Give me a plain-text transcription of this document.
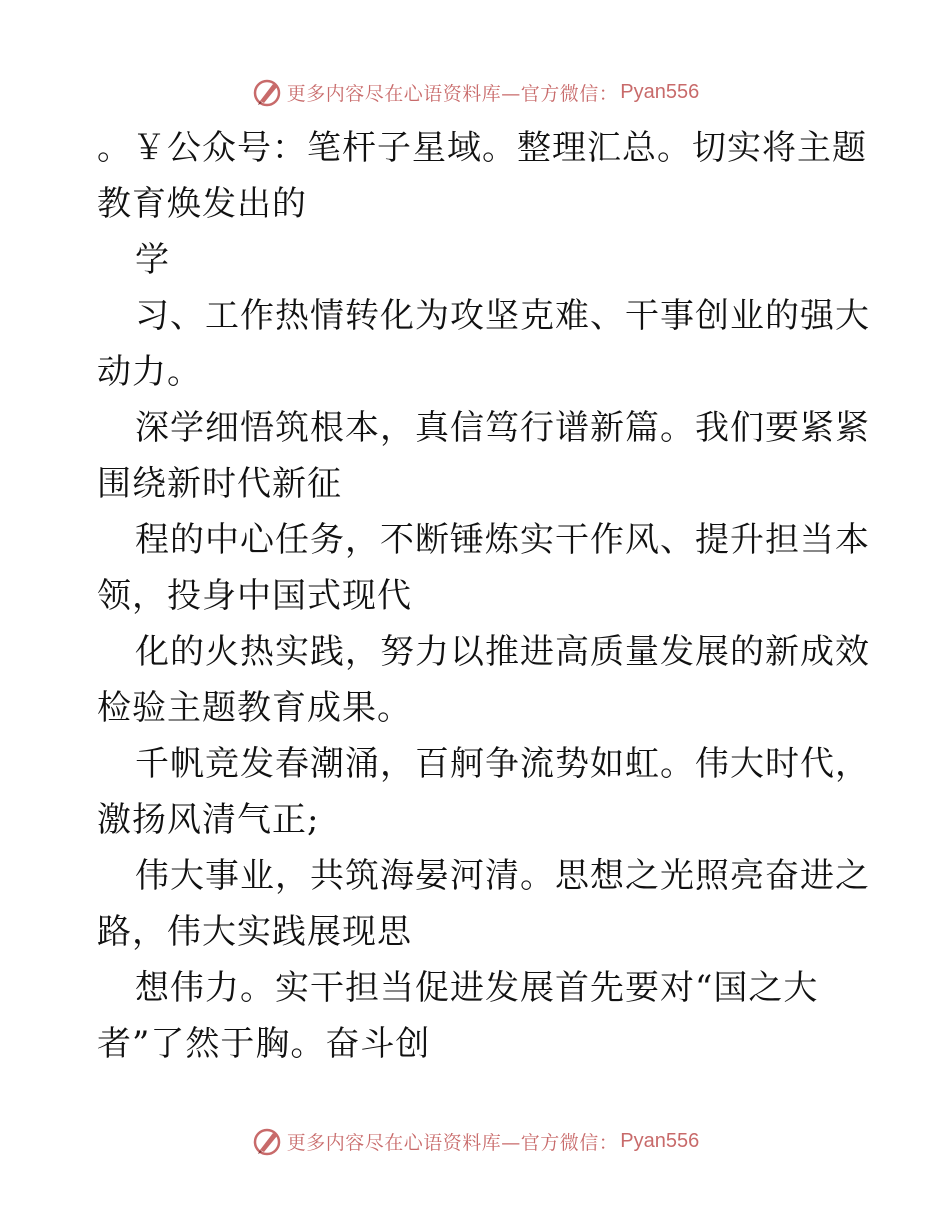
更多内容尽在心语资料库—官方微信： Pyan556
。￥公众号：笔杆子星域。整理汇总。切实将主题
教育焕发出的
学
习、工作热情转化为攻坚克难、干事创业的强大
动力。
深学细悟筑根本，真信笃行谱新篇。我们要紧紧
围绕新时代新征
程的中心任务，不断锤炼实干作风、提升担当本
领，投身中国式现代
化的火热实践，努力以推进高质量发展的新成效
检验主题教育成果。
千帆竞发春潮涌，百舸争流势如虹。伟大时代，
激扬风清气正;
伟大事业，共筑海晏河清。思想之光照亮奋进之
路，伟大实践展现思
想伟力。实干担当促进发展首先要对“国之大
者”了然于胸。奋斗创
更多内容尽在心语资料库—官方微信： Pyan556
